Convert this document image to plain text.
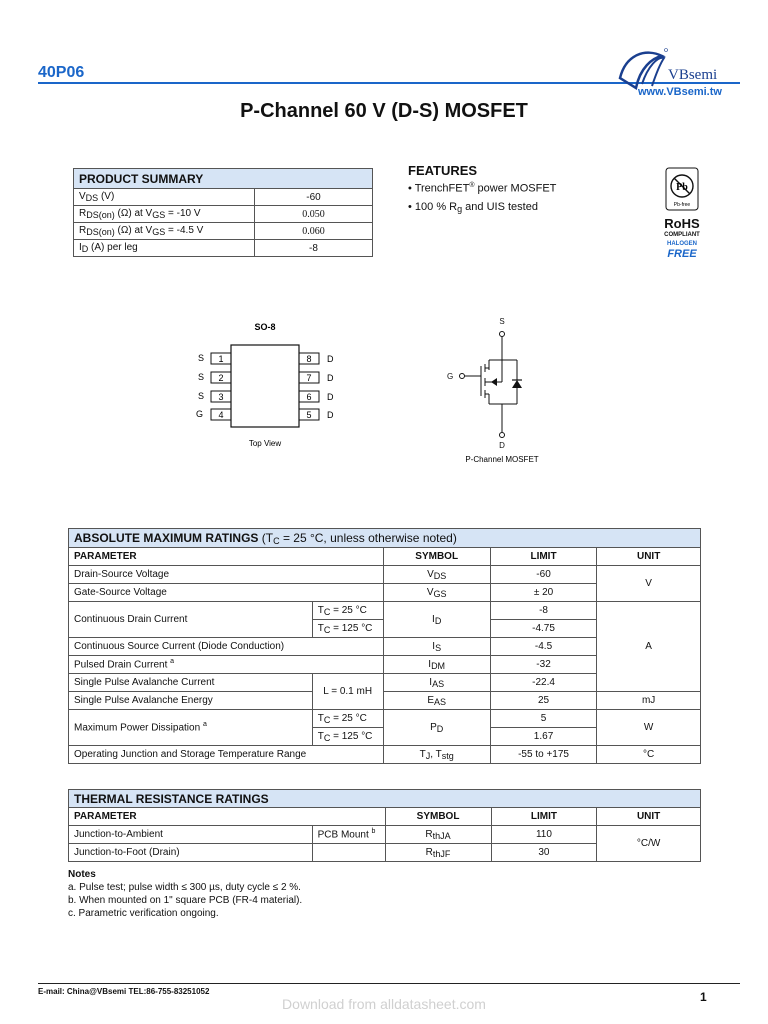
40P06	VBsemi
www.VBsemi.tw
P-Channel 60 V (D-S) MOSFET
PRODUCT SUMMARY	
VDS (V)	-60
RDS(on) (Ω) at VGS = -10 V	0.050
RDS(on) (Ω) at VGS = -4.5 V	0.060
ID (A) per leg	-8
FEATURES
• TrenchFET® power MOSFET
• 100 % $R_g$ and UIS tested
Pb
Pb-free
RoHS
COMPLIANT
HALOGEN
FREE
SO-8
S 1
S 2
S 3
G 4
8 D
7 D
6 D
5 D
Top View
S
G
D
P-Channel MOSFET
ABSOLUTE MAXIMUM RATINGS ($T_C = 25$ °C, unless otherwise noted)				
PARAMETER		SYMBOL	LIMIT	UNIT
Drain-Source Voltage		VDS	-60	V
Gate-Source Voltage		VGS	± 20	
Continuous Drain Current	TC = 25 °C	ID	-8	A
	TC = 125 °C		-4.75	
Continuous Source Current (Diode Conduction)		IS	-4.5	
Pulsed Drain Current $^a$		IDM	-32	
Single Pulse Avalanche Current	L = 0.1 mH	IAS	-22.4	
Single Pulse Avalanche Energy		EAS	25	mJ
Maximum Power Dissipation $^a$	TC = 25 °C	PD	5	W
	TC = 125 °C		1.67	
Operating Junction and Storage Temperature Range		TJ, Tstg	-55 to +175	°C
THERMAL RESISTANCE RATINGS				
PARAMETER		SYMBOL	LIMIT	UNIT
Junction-to-Ambient	PCB Mount $^b$	RthJA	110	°C/W
Junction-to-Foot (Drain)		RthJF	30	
Notes
a. Pulse test; pulse width ≤ 300 µs, duty cycle ≤ 2 %.
b. When mounted on 1" square PCB (FR-4 material).
c. Parametric verification ongoing.
E-mail: China@VBsemi TEL:86-755-83251052	1
Download from alldatasheet.com
